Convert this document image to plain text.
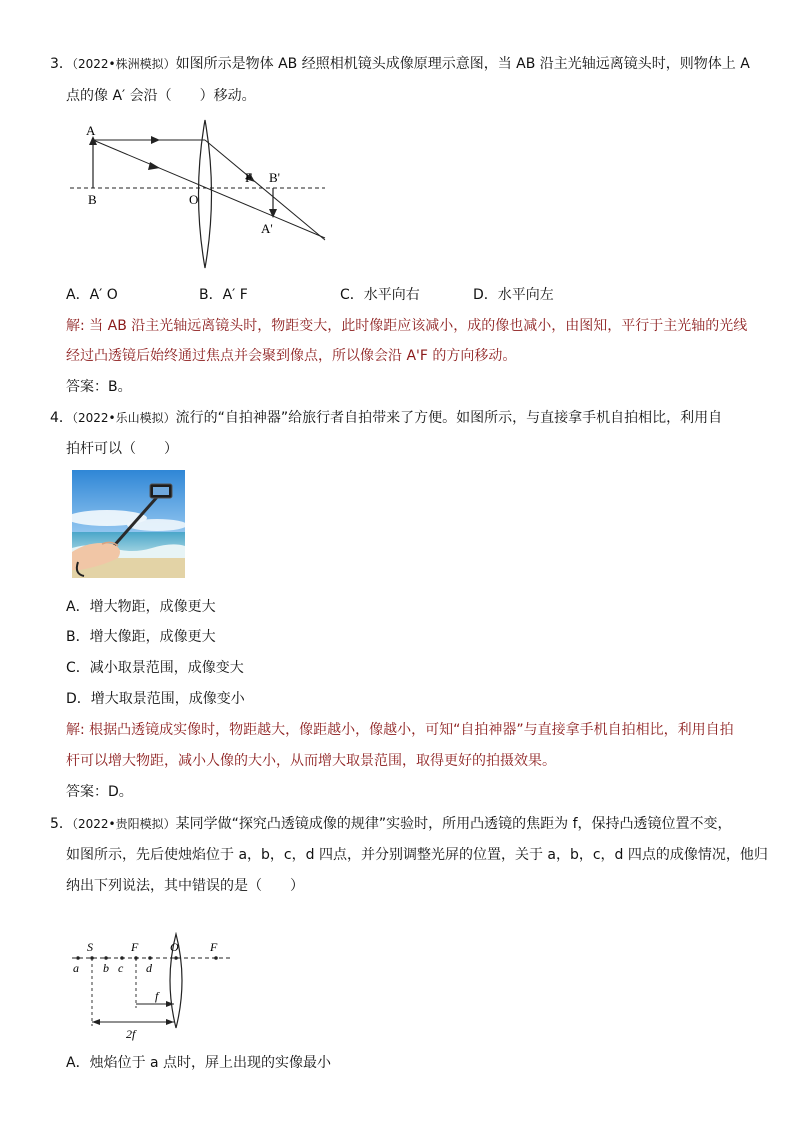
3．
（2022•株洲模拟）如图所示是物体 AB 经照相机镜头成像原理示意图，当 AB 沿主光轴远离镜头时，则物体上 A
点的像 A′ 会沿（　　）移动。
A
B	O
F B'
A'
A．A′ O	B．A′ F	C．水平向右	D．水平向左
解: 当 AB 沿主光轴远离镜头时，物距变大，此时像距应该减小，成的像也减小，由图知，平行于主光轴的光线
经过凸透镜后始终通过焦点并会聚到像点，所以像会沿 A'F 的方向移动。
答案：B。
4．
（2022•乐山模拟）流行的“自拍神器”给旅行者自拍带来了方便。如图所示，与直接拿手机自拍相比，利用自
拍杆可以（　　）
A．增大物距，成像更大
B．增大像距，成像更大
C．减小取景范围，成像变大
D．增大取景范围，成像变小
解: 根据凸透镜成实像时，物距越大，像距越小，像越小，可知“自拍神器”与直接拿手机自拍相比，利用自拍
杆可以增大物距，减小人像的大小，从而增大取景范围，取得更好的拍摄效果。
答案：D。
5．
（2022•贵阳模拟）某同学做“探究凸透镜成像的规律”实验时，所用凸透镜的焦距为 f，保持凸透镜位置不变，
如图所示，先后使烛焰位于 a，b，c，d 四点，并分别调整光屏的位置，关于 a，b，c，d 四点的成像情况，他归
纳出下列说法，其中错误的是（　　）
S	F	O	F
a b c d
f
2f
A．烛焰位于 a 点时，屏上出现的实像最小
